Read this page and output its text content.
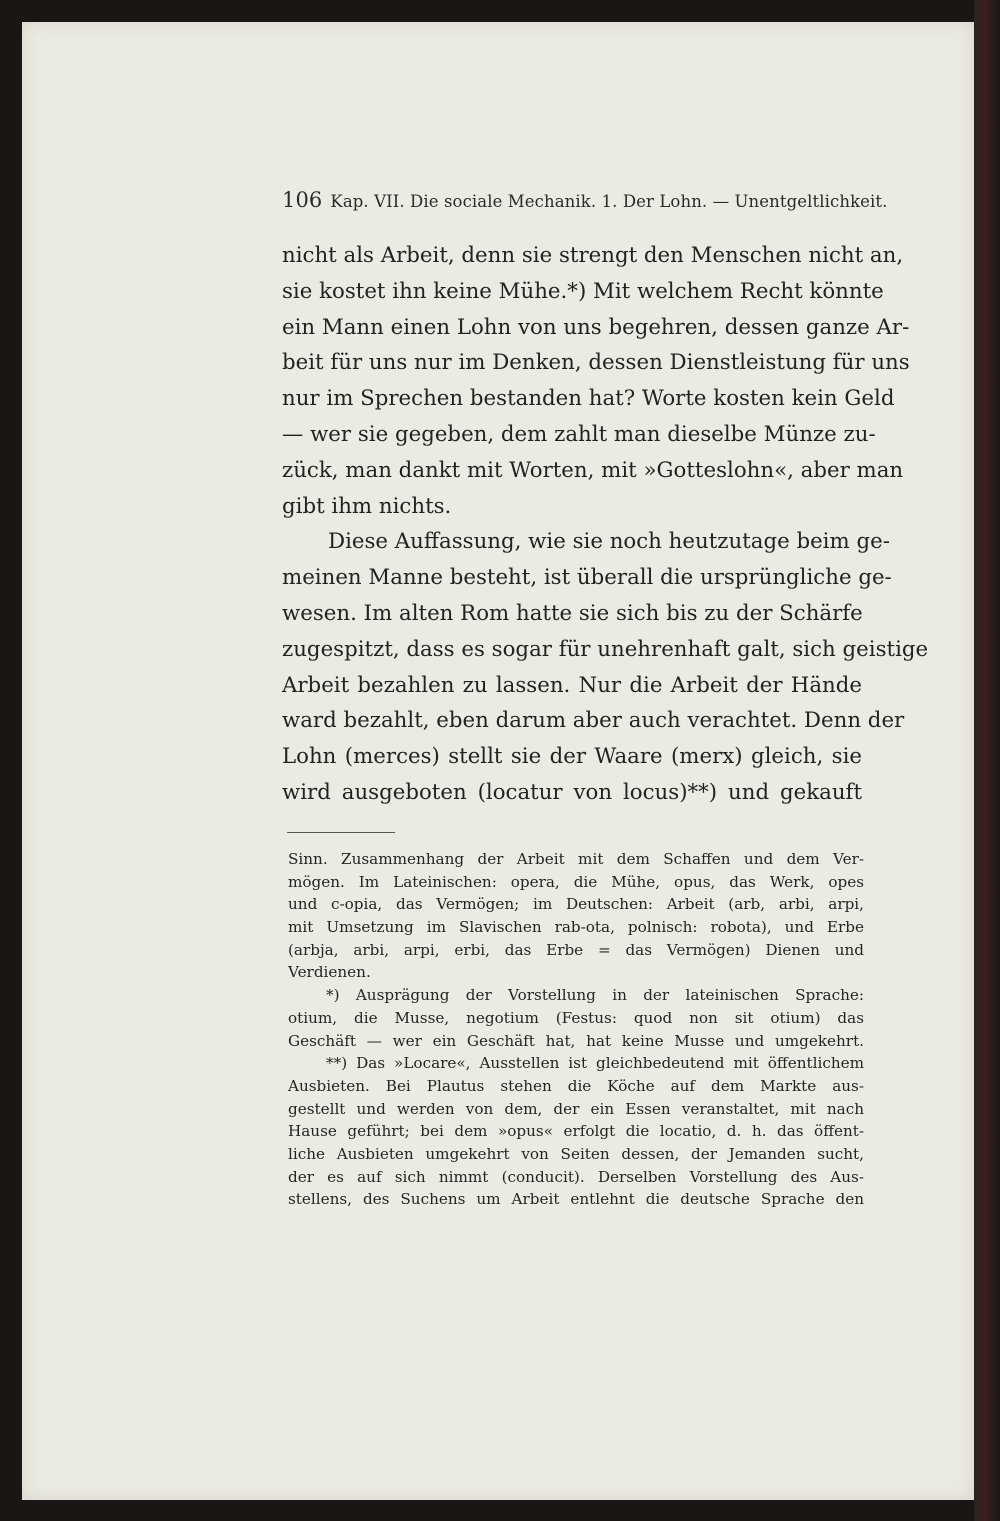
106 Kap. VII. Die sociale Mechanik. 1. Der Lohn. — Unentgeltlichkeit.
nicht als Arbeit, denn sie strengt den Menschen nicht an,
sie kostet ihn keine Mühe.*) Mit welchem Recht könnte
ein Mann einen Lohn von uns begehren, dessen ganze Ar-
beit für uns nur im Denken, dessen Dienstleistung für uns
nur im Sprechen bestanden hat? Worte kosten kein Geld
— wer sie gegeben, dem zahlt man dieselbe Münze zu-
zück, man dankt mit Worten, mit »Gotteslohn«, aber man
gibt ihm nichts.
Diese Auffassung, wie sie noch heutzutage beim ge-
meinen Manne besteht, ist überall die ursprüngliche ge-
wesen. Im alten Rom hatte sie sich bis zu der Schärfe
zugespitzt, dass es sogar für unehrenhaft galt, sich geistige
Arbeit bezahlen zu lassen. Nur die Arbeit der Hände
ward bezahlt, eben darum aber auch verachtet. Denn der
Lohn (merces) stellt sie der Waare (merx) gleich, sie
wird ausgeboten (locatur von locus)**) und gekauft
Sinn. Zusammenhang der Arbeit mit dem Schaffen und dem Ver-
mögen. Im Lateinischen: opera, die Mühe, opus, das Werk, opes
und c-opia, das Vermögen; im Deutschen: Arbeit (arb, arbi, arpi,
mit Umsetzung im Slavischen rab-ota, polnisch: robota), und Erbe
(arbja, arbi, arpi, erbi, das Erbe = das Vermögen) Dienen und
Verdienen.
*) Ausprägung der Vorstellung in der lateinischen Sprache:
otium, die Musse, negotium (Festus: quod non sit otium) das
Geschäft — wer ein Geschäft hat, hat keine Musse und umgekehrt.
**) Das »Locare«, Ausstellen ist gleichbedeutend mit öffentlichem
Ausbieten. Bei Plautus stehen die Köche auf dem Markte aus-
gestellt und werden von dem, der ein Essen veranstaltet, mit nach
Hause geführt; bei dem »opus« erfolgt die locatio, d. h. das öffent-
liche Ausbieten umgekehrt von Seiten dessen, der Jemanden sucht,
der es auf sich nimmt (conducit). Derselben Vorstellung des Aus-
stellens, des Suchens um Arbeit entlehnt die deutsche Sprache den
